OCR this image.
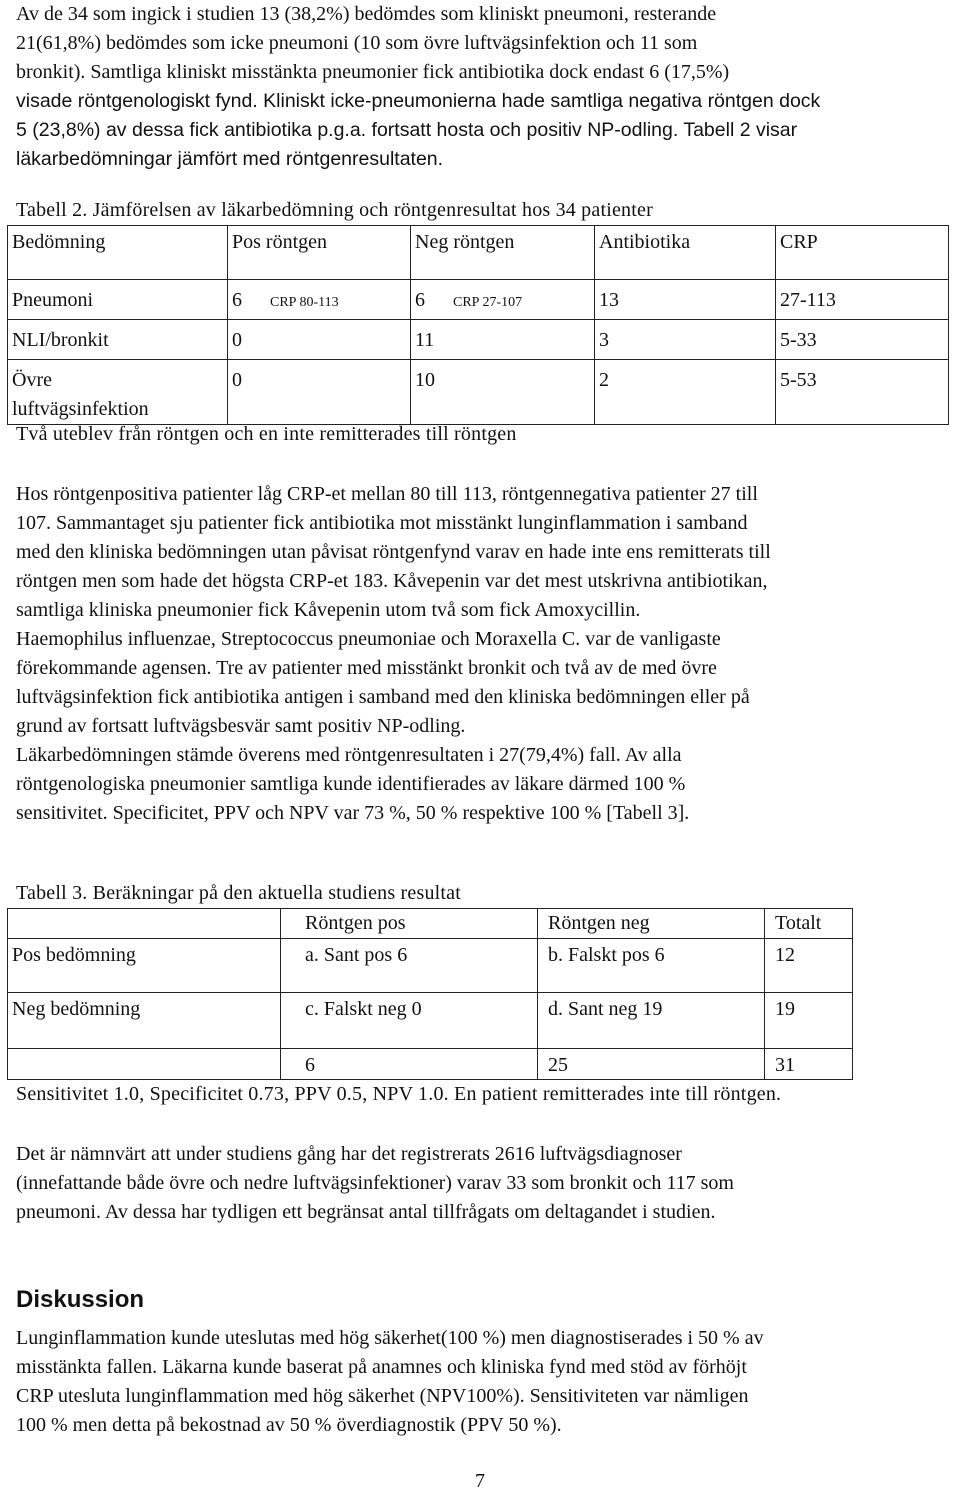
Av de 34 som ingick i studien 13 (38,2%) bedömdes som kliniskt pneumoni, resterande

21(61,8%) bedömdes som icke pneumoni (10 som övre luftvägsinfektion och 11 som

bronkit). Samtliga kliniskt misstänkta pneumonier fick antibiotika dock endast 6 (17,5%)

visade röntgenologiskt fynd. Kliniskt icke-pneumonierna hade samtliga negativa röntgen dock

5 (23,8%) av dessa fick antibiotika p.g.a. fortsatt hosta och positiv NP-odling. Tabell 2 visar

läkarbedömningar jämfört med röntgenresultaten.

Tabell 2. Jämförelsen av läkarbedömning och röntgenresultat hos 34 patienter
Bedömning	Pos röntgen	Neg röntgen	Antibiotika	CRP
Pneumoni	6 CRP 80-113	6 CRP 27-107	13	27-113
NLI/bronkit	0	11	3	5-33
Övre luftvägsinfektion	0	10	2	5-53
Två uteblev från röntgen och en inte remitterades till röntgen

Hos röntgenpositiva patienter låg CRP-et mellan 80 till 113, röntgennegativa patienter 27 till

107. Sammantaget sju patienter fick antibiotika mot misstänkt lunginflammation i samband

med den kliniska bedömningen utan påvisat röntgenfynd varav en hade inte ens remitterats till

röntgen men som hade det högsta CRP-et 183. Kåvepenin var det mest utskrivna antibiotikan,

samtliga kliniska pneumonier fick Kåvepenin utom två som fick Amoxycillin.

Haemophilus influenzae, Streptococcus pneumoniae och Moraxella C. var de vanligaste

förekommande agensen. Tre av patienter med misstänkt bronkit och två av de med övre

luftvägsinfektion fick antibiotika antigen i samband med den kliniska bedömningen eller på

grund av fortsatt luftvägsbesvär samt positiv NP-odling.

Läkarbedömningen stämde överens med röntgenresultaten i 27(79,4%) fall. Av alla

röntgenologiska pneumonier samtliga kunde identifierades av läkare därmed 100 %

sensitivitet. Specificitet, PPV och NPV var 73 %, 50 % respektive 100 % [Tabell 3].

Tabell 3. Beräkningar på den aktuella studiens resultat
	Röntgen pos	Röntgen neg	Totalt
Pos bedömning	a. Sant pos 6	b. Falskt pos 6	12
Neg bedömning	c. Falskt neg 0	d. Sant neg 19	19
	6	25	31
Sensitivitet 1.0, Specificitet 0.73, PPV 0.5, NPV 1.0. En patient remitterades inte till röntgen.

Det är nämnvärt att under studiens gång har det registrerats 2616 luftvägsdiagnoser

(innefattande både övre och nedre luftvägsinfektioner) varav 33 som bronkit och 117 som

pneumoni. Av dessa har tydligen ett begränsat antal tillfrågats om deltagandet i studien.

Diskussion

Lunginflammation kunde uteslutas med hög säkerhet(100 %) men diagnostiserades i 50 % av

misstänkta fallen. Läkarna kunde baserat på anamnes och kliniska fynd med stöd av förhöjt

CRP utesluta lunginflammation med hög säkerhet (NPV100%). Sensitiviteten var nämligen

100 % men detta på bekostnad av 50 % överdiagnostik (PPV 50 %).

7
